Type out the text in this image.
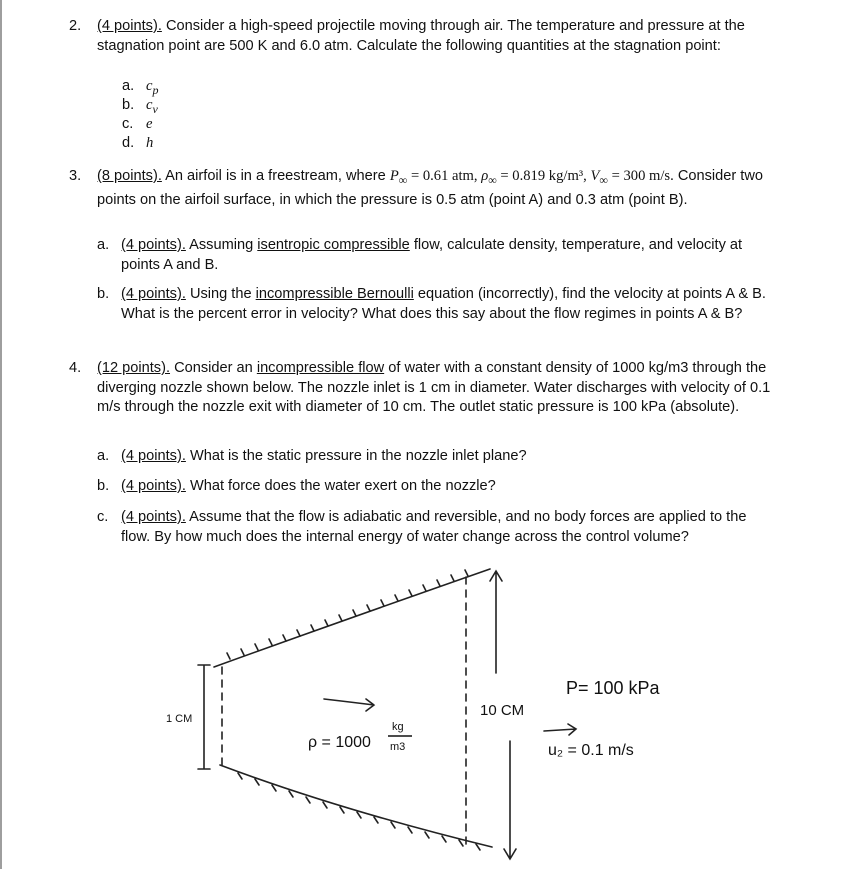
2. (4 points). Consider a high-speed projectile moving through air. The temperature and pressure at the stagnation point are 500 K and 6.0 atm. Calculate the following quantities at the stagnation point:
a. $c_p$
b. $c_v$
c. e
d. h
3. (8 points). An airfoil is in a freestream, where $P_\infty = 0.61$ atm, $\rho_\infty = 0.819$ kg/m³, $V_\infty = 300$ m/s. Consider two points on the airfoil surface, in which the pressure is 0.5 atm (point A) and 0.3 atm (point B).
a. (4 points). Assuming isentropic compressible flow, calculate density, temperature, and velocity at points A and B.
b. (4 points). Using the incompressible Bernoulli equation (incorrectly), find the velocity at points A & B. What is the percent error in velocity? What does this say about the flow regimes in points A & B?
4. (12 points). Consider an incompressible flow of water with a constant density of 1000 kg/m3 through the diverging nozzle shown below. The nozzle inlet is 1 cm in diameter. Water discharges with velocity of 0.1 m/s through the nozzle exit with diameter of 10 cm. The outlet static pressure is 100 kPa (absolute).
a. (4 points). What is the static pressure in the nozzle inlet plane?
b. (4 points). What force does the water exert on the nozzle?
c. (4 points). Assume that the flow is adiabatic and reversible, and no body forces are applied to the flow. By how much does the internal energy of water change across the control volume?
1 CM	10 CM
P= 100 kPa
ρ = 1000
kg
m3	u₂ = 0.1 m/s
